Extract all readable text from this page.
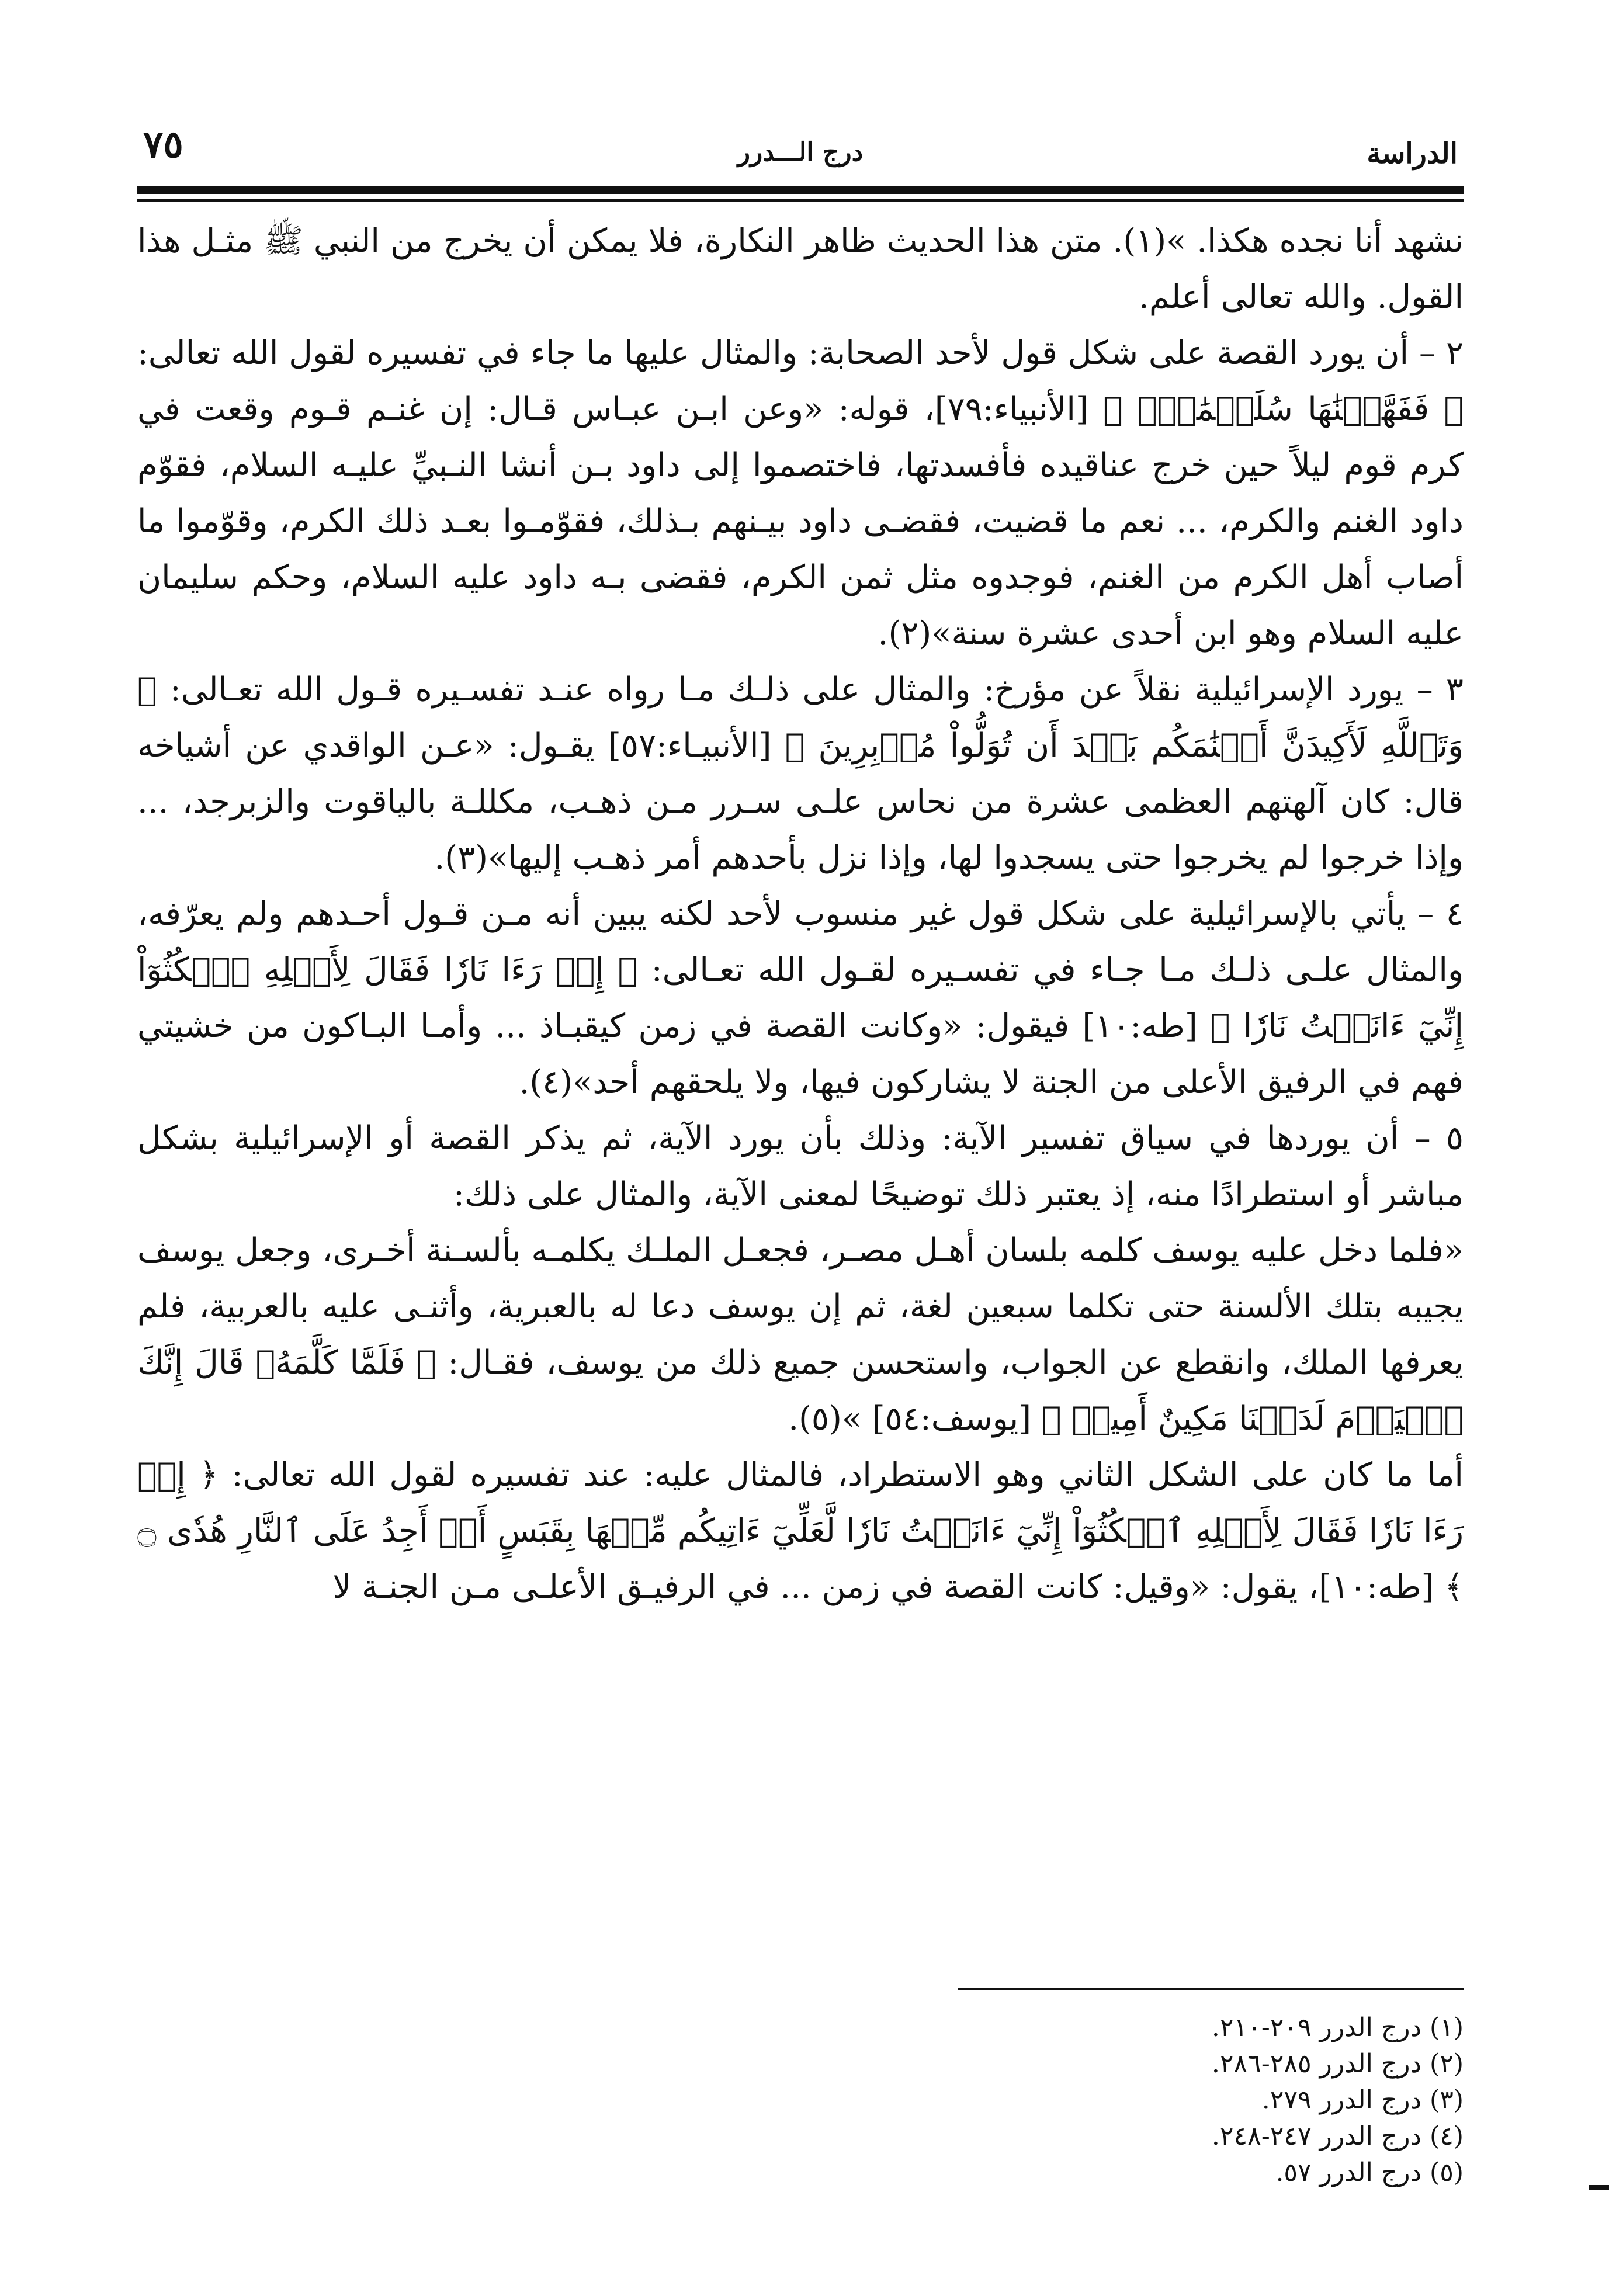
٧٥	درج الـــدرر	الدراسة

نشهد أنا نجده هكذا. »(١). متن هذا الحديث ظاهر النكارة، فلا يمكن أن يخرج من النبي ﷺ مثـل هذا القول. والله تعالى أعلم.

٢ – أن يورد القصة على شكل قول لأحد الصحابة: والمثال عليها ما جاء في تفسيره لقول الله تعالى: ﴿ فَفَهَّمۡنَٰهَا سُلَيۡمَٰنَۚ ﴾ [الأنبياء:٧٩]، قوله: «وعن ابـن عبـاس قـال: إن غنـم قـوم وقعت في كرم قوم ليلاً حين خرج عناقيده فأفسدتها، فاختصموا إلى داود بـن أنشا النـبيِّ عليـه السلام، فقوّم داود الغنم والكرم، ... نعم ما قضيت، فقضـى داود بيـنهم بـذلك، فقوّمـوا بعـد ذلك الكرم، وقوّموا ما أصاب أهل الكرم من الغنم، فوجدوه مثل ثمن الكرم، فقضى بـه داود عليه السلام، وحكم سليمان عليه السلام وهو ابن أحدى عشرة سنة»(٢).

٣ – يورد الإسرائيلية نقلاً عن مؤرخ: والمثال على ذلـك مـا رواه عنـد تفسـيره قـول الله تعـالى: ﴿ وَتَٱللَّهِ لَأَكِيدَنَّ أَصۡنَٰمَكُم بَعۡدَ أَن تُوَلُّواْ مُدۡبِرِينَ ﴾ [الأنبيـاء:٥٧] يقـول: «عـن الواقدي عن أشياخه قال: كان آلهتهم العظمى عشرة من نحاس علـى سـرر مـن ذهـب، مكللـة بالياقوت والزبرجد، ... وإذا خرجوا لم يخرجوا حتى يسجدوا لها، وإذا نزل بأحدهم أمر ذهـب إليها»(٣).

٤ – يأتي بالإسرائيلية على شكل قول غير منسوب لأحد لكنه يبين أنه مـن قـول أحـدهم ولم يعرّفه، والمثال علـى ذلـك مـا جـاء في تفسـيره لقـول الله تعـالى: ﴿ إِذۡ رَءَا نَارٗا فَقَالَ لِأَهۡلِهِ ٱمۡكُثُوٓاْ إِنِّيٓ ءَانَسۡتُ نَارٗا ﴾ [طه:١٠] فيقول: «وكانت القصة في زمن كيقبـاذ ... وأمـا البـاكون من خشيتي فهم في الرفيق الأعلى من الجنة لا يشاركون فيها، ولا يلحقهم أحد»(٤).

٥ – أن يوردها في سياق تفسير الآية: وذلك بأن يورد الآية، ثم يذكر القصة أو الإسرائيلية بشكل مباشر أو استطرادًا منه، إذ يعتبر ذلك توضيحًا لمعنى الآية، والمثال على ذلك:

«فلما دخل عليه يوسف كلمه بلسان أهـل مصـر، فجعـل الملـك يكلمـه بألسـنة أخـرى، وجعل يوسف يجيبه بتلك الألسنة حتى تكلما سبعين لغة، ثم إن يوسف دعا له بالعبرية، وأثنـى عليه بالعربية، فلم يعرفها الملك، وانقطع عن الجواب، واستحسن جميع ذلك من يوسف، فقـال: ﴿ فَلَمَّا كَلَّمَهُۥ قَالَ إِنَّكَ ٱلۡيَوۡمَ لَدَيۡنَا مَكِينٌ أَمِينٞ ﴾ [يوسف:٥٤] »(٥).

أما ما كان على الشكل الثاني وهو الاستطراد، فالمثال عليه: عند تفسيره لقول الله تعالى: ﴿ إِذۡ رَءَا نَارٗا فَقَالَ لِأَهۡلِهِ ٱمۡكُثُوٓاْ إِنِّيٓ ءَانَسۡتُ نَارٗا لَّعَلِّيٓ ءَاتِيكُم مِّنۡهَا بِقَبَسٍ أَوۡ أَجِدُ عَلَى ٱلنَّارِ هُدٗى ۝ ﴾ [طه:١٠]، يقول: «وقيل: كانت القصة في زمن ... في الرفيـق الأعلـى مـن الجنـة لا

(١) درج الدرر ٢٠٩-٢١٠.
(٢) درج الدرر ٢٨٥-٢٨٦.
(٣) درج الدرر ٢٧٩.
(٤) درج الدرر ٢٤٧-٢٤٨.
(٥) درج الدرر ٥٧.
